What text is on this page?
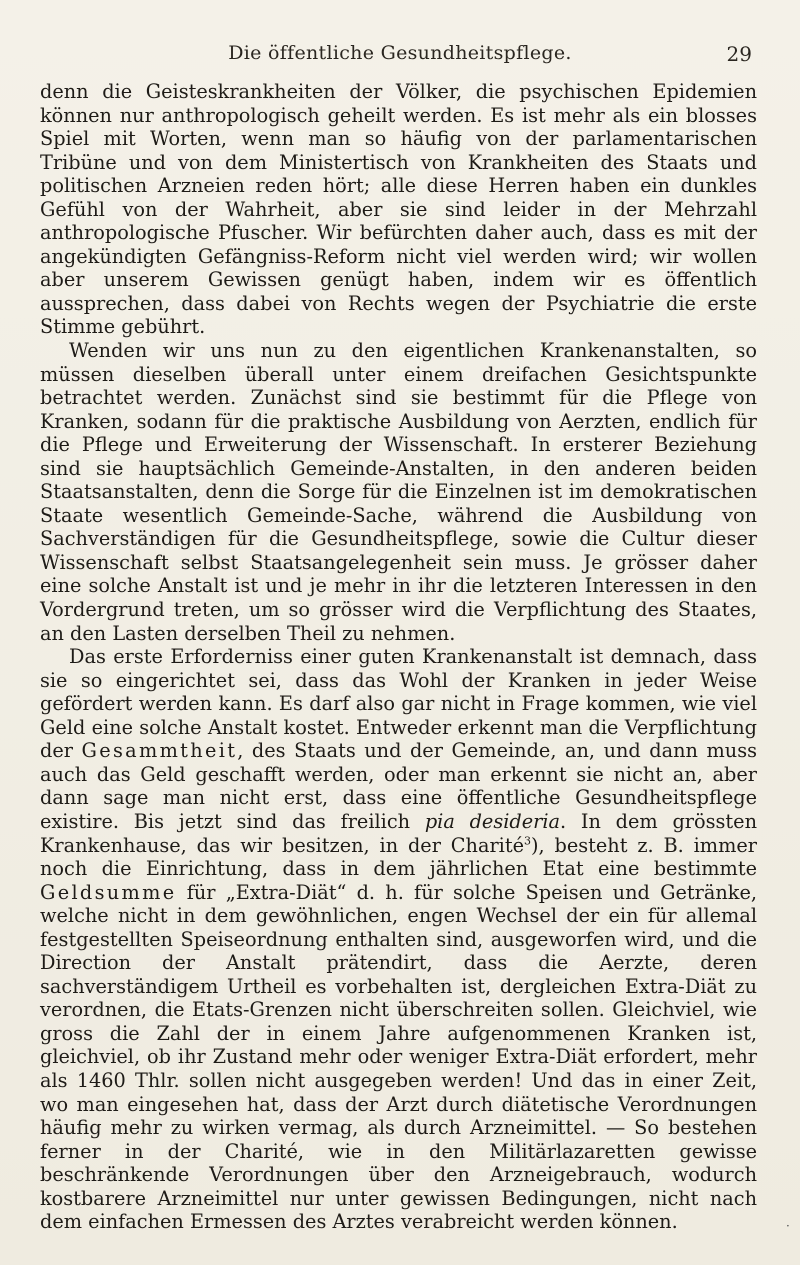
Die öffentliche Gesundheitspflege.	29

denn die Geisteskrankheiten der Völker, die psychischen Epidemien können nur anthropologisch geheilt werden. Es ist mehr als ein blosses Spiel mit Worten, wenn man so häufig von der parlamentarischen Tribüne und von dem Ministertisch von Krankheiten des Staats und politischen Arzneien reden hört; alle diese Herren haben ein dunkles Gefühl von der Wahrheit, aber sie sind leider in der Mehrzahl anthropologische Pfuscher. Wir befürchten daher auch, dass es mit der angekündigten Gefängniss-Reform nicht viel werden wird; wir wollen aber unserem Gewissen genügt haben, indem wir es öffentlich aussprechen, dass dabei von Rechts wegen der Psychiatrie die erste Stimme gebührt.

Wenden wir uns nun zu den eigentlichen Krankenanstalten, so müssen dieselben überall unter einem dreifachen Gesichtspunkte betrachtet werden. Zunächst sind sie bestimmt für die Pflege von Kranken, sodann für die praktische Ausbildung von Aerzten, endlich für die Pflege und Erweiterung der Wissenschaft. In ersterer Beziehung sind sie hauptsächlich Gemeinde-Anstalten, in den anderen beiden Staatsanstalten, denn die Sorge für die Einzelnen ist im demokratischen Staate wesentlich Gemeinde-Sache, während die Ausbildung von Sachverständigen für die Gesundheitspflege, sowie die Cultur dieser Wissenschaft selbst Staatsangelegenheit sein muss. Je grösser daher eine solche Anstalt ist und je mehr in ihr die letzteren Interessen in den Vordergrund treten, um so grösser wird die Verpflichtung des Staates, an den Lasten derselben Theil zu nehmen.

Das erste Erforderniss einer guten Krankenanstalt ist demnach, dass sie so eingerichtet sei, dass das Wohl der Kranken in jeder Weise gefördert werden kann. Es darf also gar nicht in Frage kommen, wie viel Geld eine solche Anstalt kostet. Entweder erkennt man die Verpflichtung der Gesammtheit, des Staats und der Gemeinde, an, und dann muss auch das Geld geschafft werden, oder man erkennt sie nicht an, aber dann sage man nicht erst, dass eine öffentliche Gesundheitspflege existire. Bis jetzt sind das freilich pia desideria. In dem grössten Krankenhause, das wir besitzen, in der Charité$^3$), besteht z. B. immer noch die Einrichtung, dass in dem jährlichen Etat eine bestimmte Geldsumme für „Extra-Diät“ d. h. für solche Speisen und Getränke, welche nicht in dem gewöhnlichen, engen Wechsel der ein für allemal festgestellten Speiseordnung enthalten sind, ausgeworfen wird, und die Direction der Anstalt prätendirt, dass die Aerzte, deren sachverständigem Urtheil es vorbehalten ist, dergleichen Extra-Diät zu verordnen, die Etats-Grenzen nicht überschreiten sollen. Gleichviel, wie gross die Zahl der in einem Jahre aufgenommenen Kranken ist, gleichviel, ob ihr Zustand mehr oder weniger Extra-Diät erfordert, mehr als 1460 Thlr. sollen nicht ausgegeben werden! Und das in einer Zeit, wo man eingesehen hat, dass der Arzt durch diätetische Verordnungen häufig mehr zu wirken vermag, als durch Arzneimittel. — So bestehen ferner in der Charité, wie in den Militärlazaretten gewisse beschränkende Verordnungen über den Arzneigebrauch, wodurch kostbarere Arzneimittel nur unter gewissen Bedingungen, nicht nach dem einfachen Ermessen des Arztes verabreicht werden können.	·
